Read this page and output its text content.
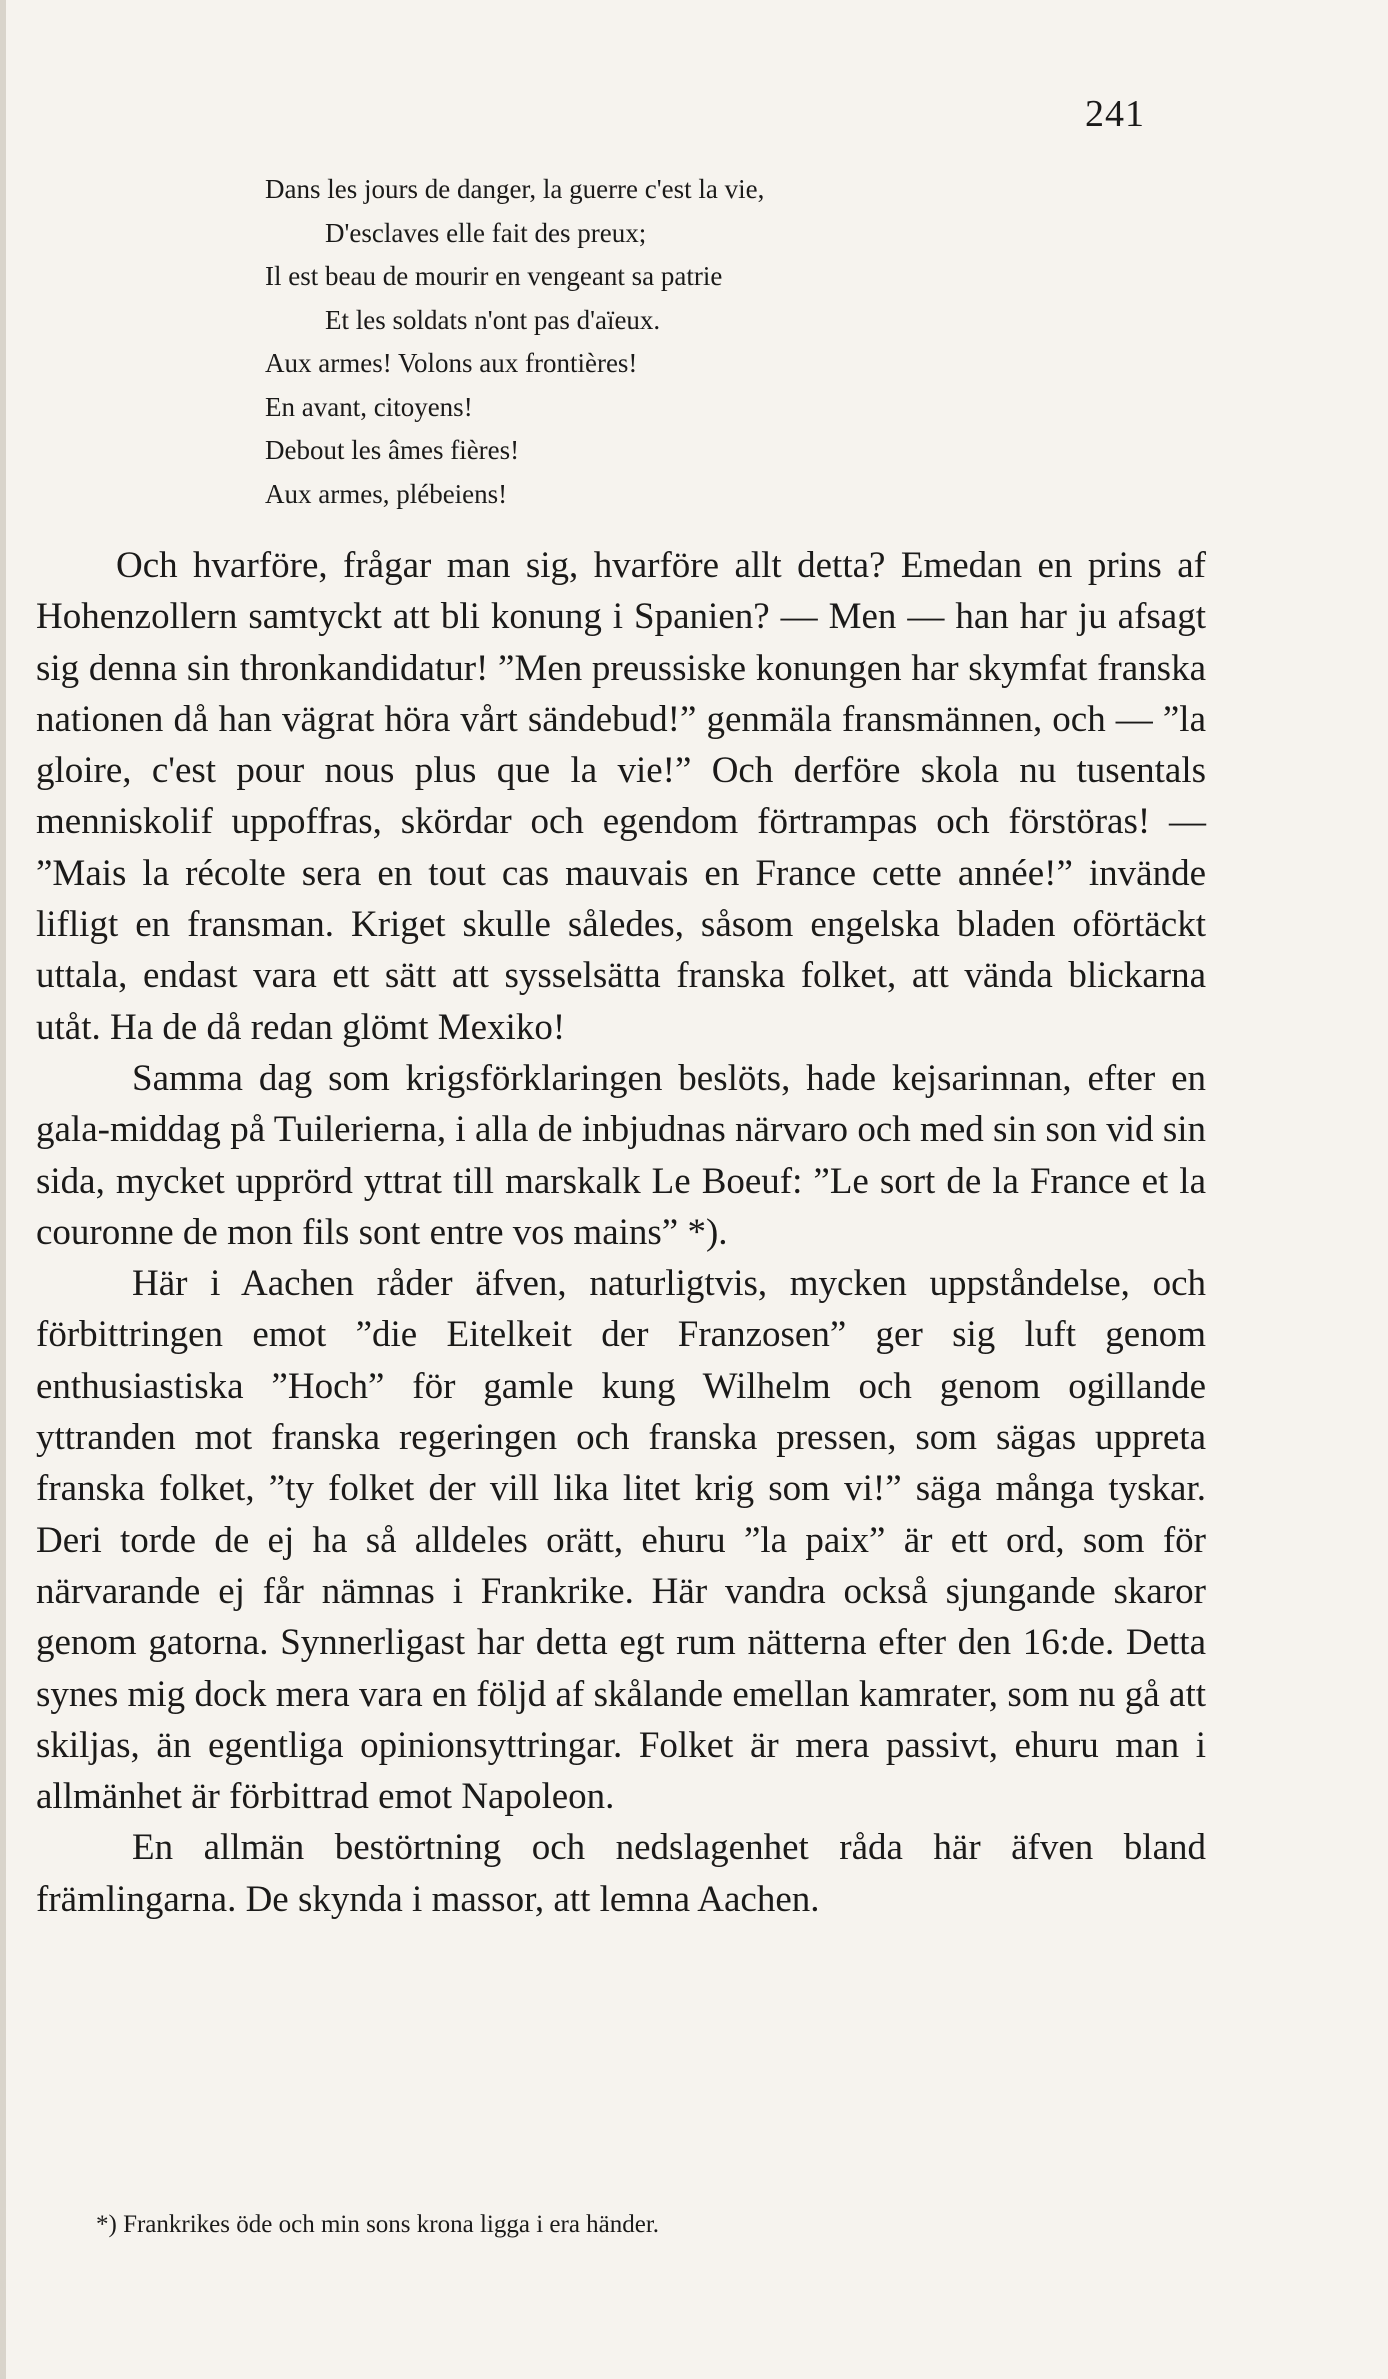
241
Dans les jours de danger, la guerre c'est la vie,
D'esclaves elle fait des preux;
Il est beau de mourir en vengeant sa patrie
Et les soldats n'ont pas d'aïeux.
Aux armes! Volons aux frontières!
En avant, citoyens!
Debout les âmes fières!
Aux armes, plébeiens!

Och hvarföre, frågar man sig, hvarföre allt detta? Emedan en prins af Hohenzollern samtyckt att bli konung i Spanien? — Men — han har ju afsagt sig denna sin thronkandidatur! ”Men preussiske konungen har skymfat franska nationen då han vägrat höra vårt sändebud!” genmäla fransmännen, och — ”la gloire, c'est pour nous plus que la vie!” Och derföre skola nu tusentals menniskolif uppoffras, skördar och egendom förtrampas och förstöras! — ”Mais la récolte sera en tout cas mauvais en France cette année!” invände lifligt en fransman. Kriget skulle således, såsom engelska bladen oförtäckt uttala, endast vara ett sätt att sysselsätta franska folket, att vända blickarna utåt. Ha de då redan glömt Mexiko!

Samma dag som krigsförklaringen beslöts, hade kejsarinnan, efter en gala-middag på Tuilerierna, i alla de inbjudnas närvaro och med sin son vid sin sida, mycket upprörd yttrat till marskalk Le Boeuf: ”Le sort de la France et la couronne de mon fils sont entre vos mains” *).

Här i Aachen råder äfven, naturligtvis, mycken uppståndelse, och förbittringen emot ”die Eitelkeit der Franzosen” ger sig luft genom enthusiastiska ”Hoch” för gamle kung Wilhelm och genom ogillande yttranden mot franska regeringen och franska pressen, som sägas uppreta franska folket, ”ty folket der vill lika litet krig som vi!” säga många tyskar. Deri torde de ej ha så alldeles orätt, ehuru ”la paix” är ett ord, som för närvarande ej får nämnas i Frankrike. Här vandra också sjungande skaror genom gatorna. Synnerligast har detta egt rum nätterna efter den 16:de. Detta synes mig dock mera vara en följd af skålande emellan kamrater, som nu gå att skiljas, än egentliga opinionsyttringar. Folket är mera passivt, ehuru man i allmänhet är förbittrad emot Napoleon.

En allmän bestörtning och nedslagenhet råda här äfven bland främlingarna. De skynda i massor, att lemna Aachen.

*) Frankrikes öde och min sons krona ligga i era händer.
